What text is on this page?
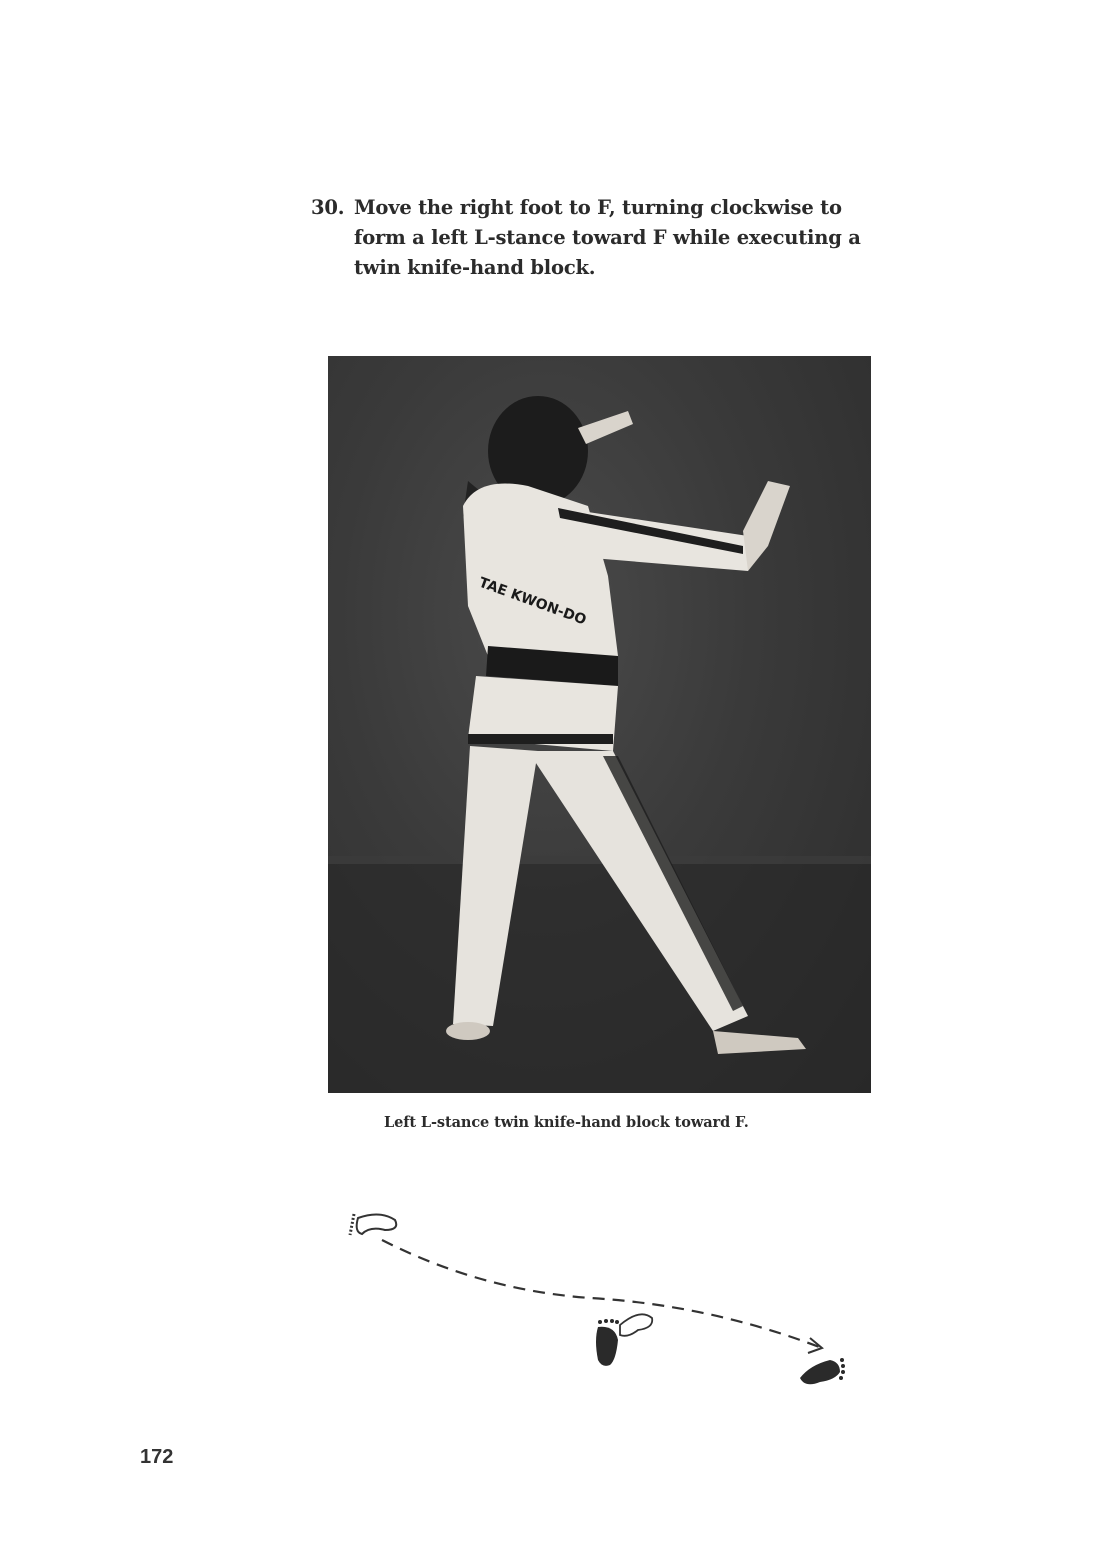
30. Move the right foot to F, turning clockwise to form a left L-stance toward F while executing a twin knife-hand block.
TAE KWON-DO
Left L-stance twin knife-hand block toward F.
172
